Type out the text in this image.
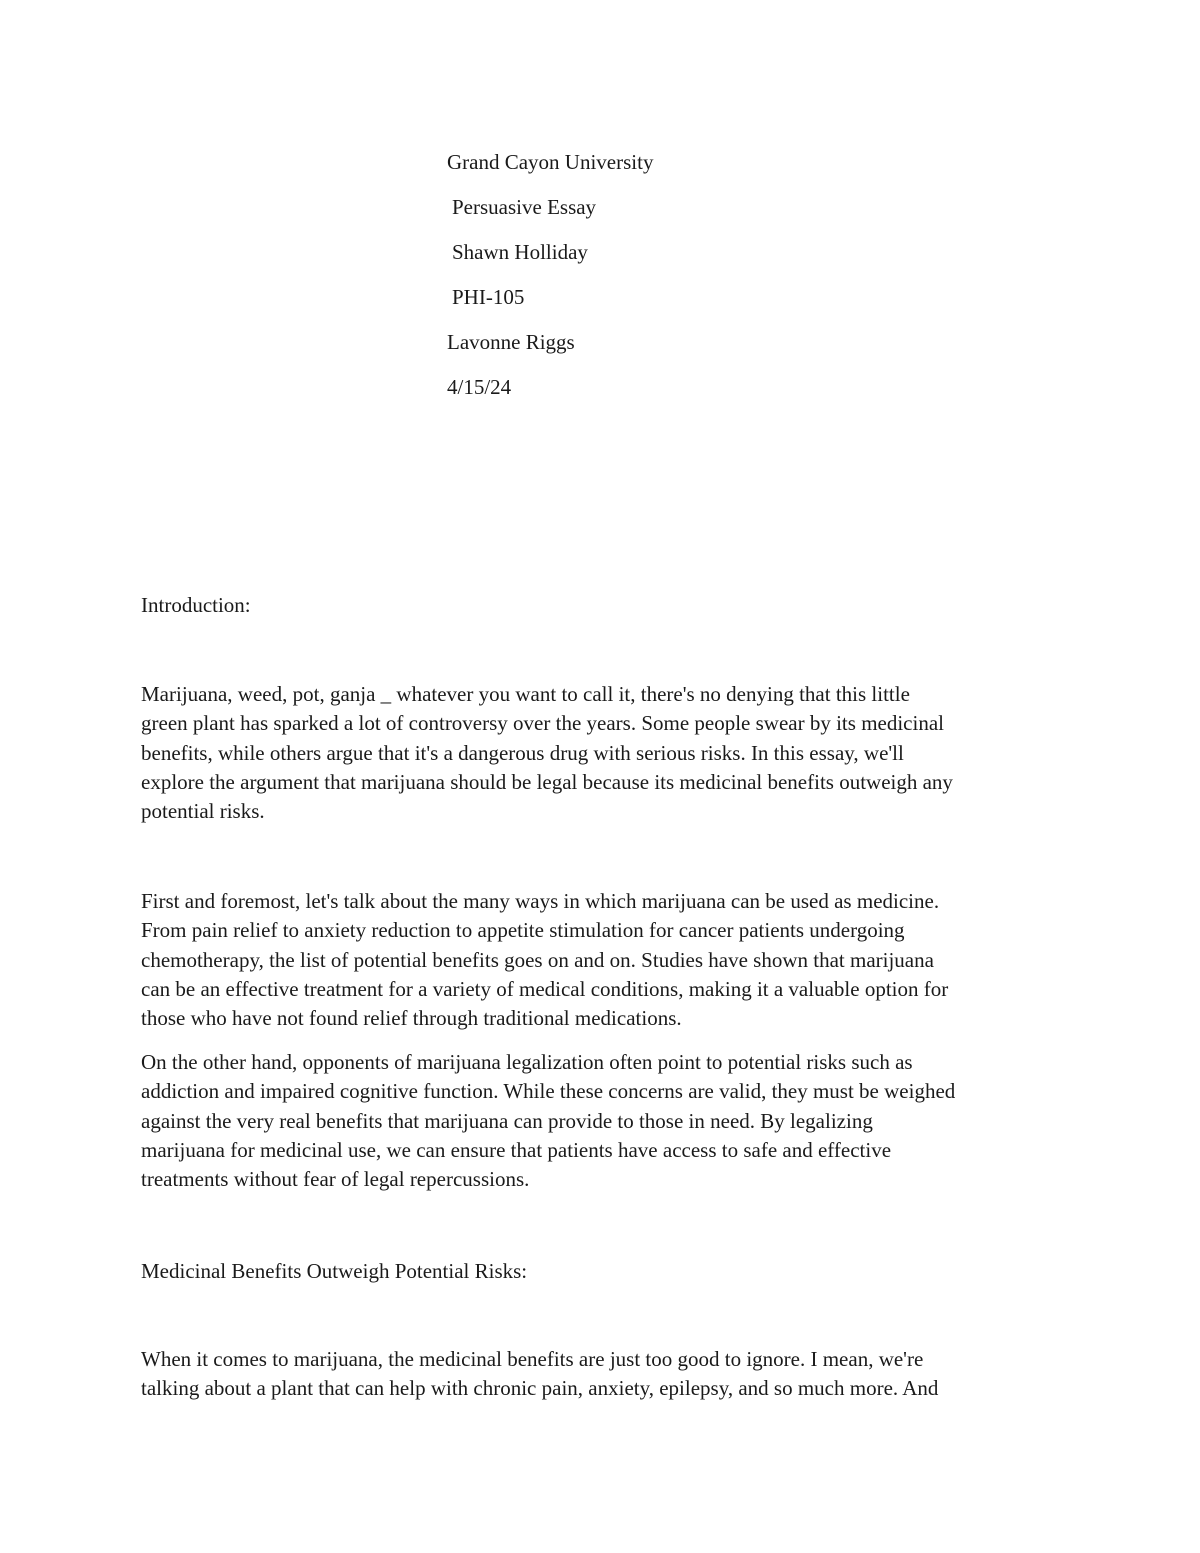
Grand Cayon University
Persuasive Essay
Shawn Holliday
PHI-105
Lavonne Riggs
4/15/24
Introduction:

Marijuana, weed, pot, ganja _ whatever you want to call it, there's no denying that this little
green plant has sparked a lot of controversy over the years. Some people swear by its medicinal
benefits, while others argue that it's a dangerous drug with serious risks. In this essay, we'll
explore the argument that marijuana should be legal because its medicinal benefits outweigh any
potential risks.

First and foremost, let's talk about the many ways in which marijuana can be used as medicine.
From pain relief to anxiety reduction to appetite stimulation for cancer patients undergoing
chemotherapy, the list of potential benefits goes on and on. Studies have shown that marijuana
can be an effective treatment for a variety of medical conditions, making it a valuable option for
those who have not found relief through traditional medications.

On the other hand, opponents of marijuana legalization often point to potential risks such as
addiction and impaired cognitive function. While these concerns are valid, they must be weighed
against the very real benefits that marijuana can provide to those in need. By legalizing
marijuana for medicinal use, we can ensure that patients have access to safe and effective
treatments without fear of legal repercussions.

Medicinal Benefits Outweigh Potential Risks:

When it comes to marijuana, the medicinal benefits are just too good to ignore. I mean, we're
talking about a plant that can help with chronic pain, anxiety, epilepsy, and so much more. And
